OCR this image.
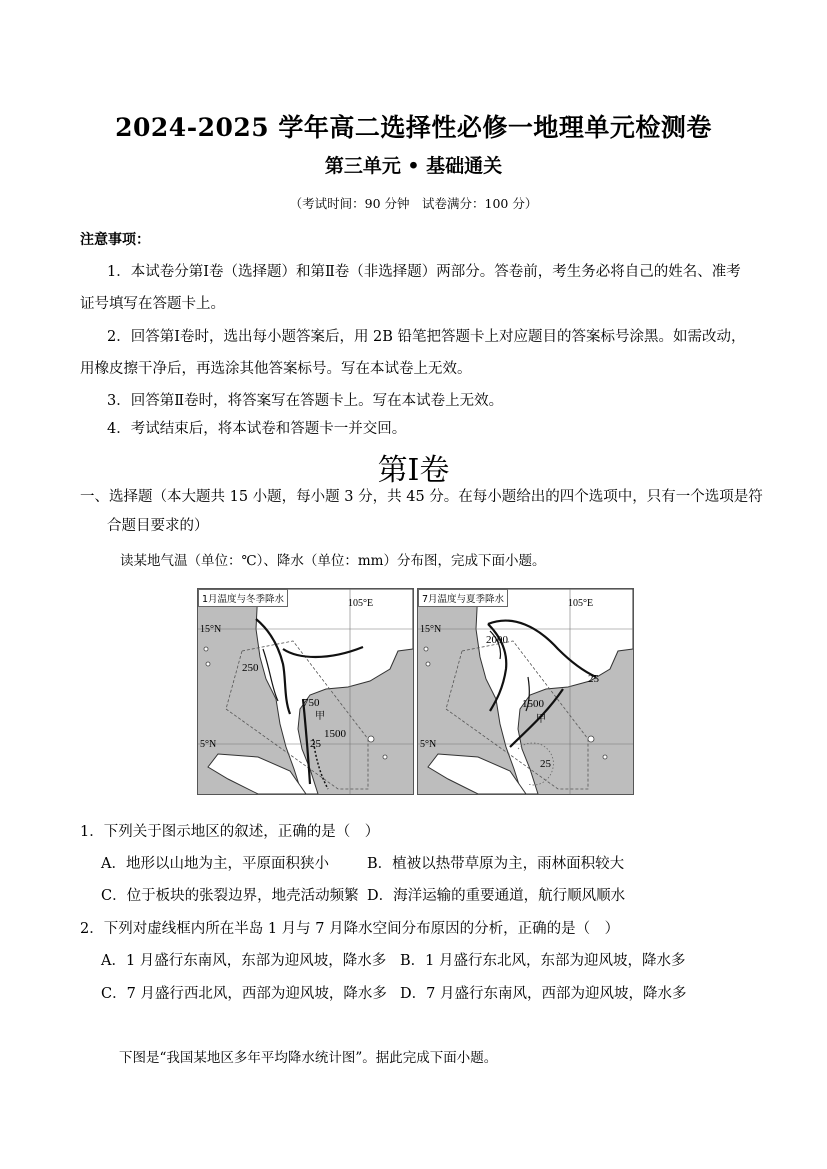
2024-2025 学年高二选择性必修一地理单元检测卷
第三单元 • 基础通关
（考试时间：90 分钟　试卷满分：100 分）
注意事项：
1．本试卷分第Ⅰ卷（选择题）和第Ⅱ卷（非选择题）两部分。答卷前，考生务必将自己的姓名、准考
证号填写在答题卡上。
2．回答第Ⅰ卷时，选出每小题答案后，用 2B 铅笔把答题卡上对应题目的答案标号涂黑。如需改动，
用橡皮擦干净后，再选涂其他答案标号。写在本试卷上无效。
3．回答第Ⅱ卷时，将答案写在答题卡上。写在本试卷上无效。
4．考试结束后，将本试卷和答题卡一并交回。
第Ⅰ卷
一、选择题（本大题共 15 小题，每小题 3 分，共 45 分。在每小题给出的四个选项中，只有一个选项是符
合题目要求的）
读某地气温（单位：℃）、降水（单位：mm）分布图，完成下面小题。
250
750
甲
1500
25
105°E
15°N
5°N
1月温度与冬季降水
2000
25
1500
甲
25
105°E
15°N
5°N
7月温度与夏季降水
1．下列关于图示地区的叙述，正确的是（　）
A．地形以山地为主，平原面积狭小	B．植被以热带草原为主，雨林面积较大
C．位于板块的张裂边界，地壳活动频繁 D．海洋运输的重要通道，航行顺风顺水
2．下列对虚线框内所在半岛 1 月与 7 月降水空间分布原因的分析，正确的是（　）
A．1 月盛行东南风，东部为迎风坡，降水多 B．1 月盛行东北风，东部为迎风坡，降水多
C．7 月盛行西北风，西部为迎风坡，降水多 D．7 月盛行东南风，西部为迎风坡，降水多
下图是“我国某地区多年平均降水统计图”。据此完成下面小题。
